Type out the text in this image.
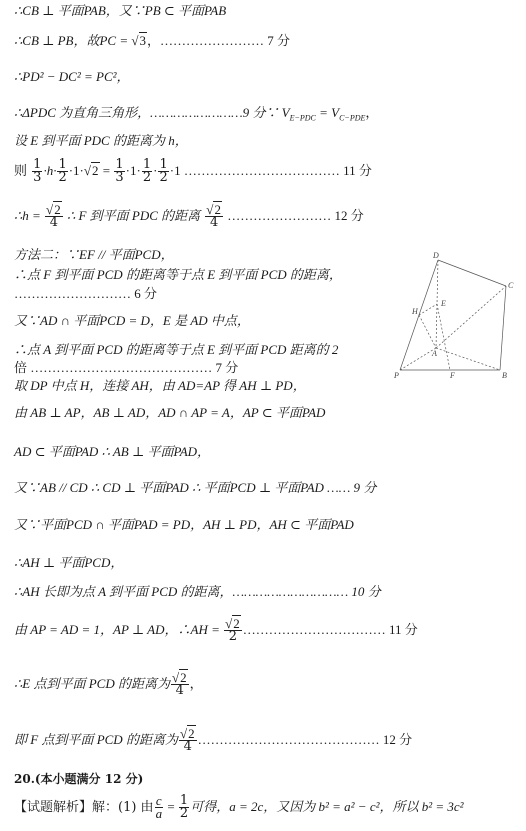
∴CB ⊥ 平面PAB，又∵PB ⊂ 平面PAB
∴CB ⊥ PB，故PC = √3，…………………… 7 分
∴PD² − DC² = PC²，
∴ΔPDC 为直角三角形，……………………9 分∵ $V_{E-PDC} = V_{C-PDE}$，
设 E 到平面 PDC 的距离为 h，
则 $\frac{1}{3} \cdot h\cdot \frac{1}{2} \cdot 1\cdot√2 = \frac{1}{3} \cdot 1\cdot \frac{1}{2} \cdot \frac{1}{2} \cdot 1$ ……………………………… 11 分
∴h = $\frac{√2}{4}$ ∴ F 到平面 PDC 的距离 $\frac{√2}{4}$ …………………… 12 分
方法二：∵EF // 平面PCD，
∴点 F 到平面 PCD 的距离等于点 E 到平面 PCD 的距离，
……………………… 6 分
又∵AD ∩ 平面PCD = D，E 是 AD 中点，
∴点 A 到平面 PCD 的距离等于点 E 到平面 PCD 距离的 2
倍 …………………………………… 7 分
取 DP 中点 H，连接 AH，由 AD=AP 得 AH ⊥ PD，
由 AB ⊥ AP，AB ⊥ AD，AD ∩ AP = A，AP ⊂ 平面PAD
AD ⊂ 平面PAD ∴ AB ⊥ 平面PAD，
又∵AB // CD ∴ CD ⊥ 平面PAD ∴ 平面PCD ⊥ 平面PAD …… 9 分
又∵平面PCD ∩ 平面PAD = PD，AH ⊥ PD，AH ⊂ 平面PAD
∴AH ⊥ 平面PCD，
∴AH 长即为点 A 到平面 PCD 的距离，………………………… 10 分
由 AP = AD = 1，AP ⊥ AD，∴AH = $\frac{√2}{2}$ …………………………… 11 分
∴E 点到平面 PCD 的距离为 $\frac{√2}{4}$ ，
即 F 点到平面 PCD 的距离为 $\frac{√2}{4}$ …………………………………… 12 分
20.(本小题满分 12 分)
【试题解析】解：(1) 由 $\frac{c}{a} = \frac{1}{2}$ 可得，a = 2c，又因为 b² = a² − c²，所以 b² = 3c²
D
C
H
E
A
P	F	B
